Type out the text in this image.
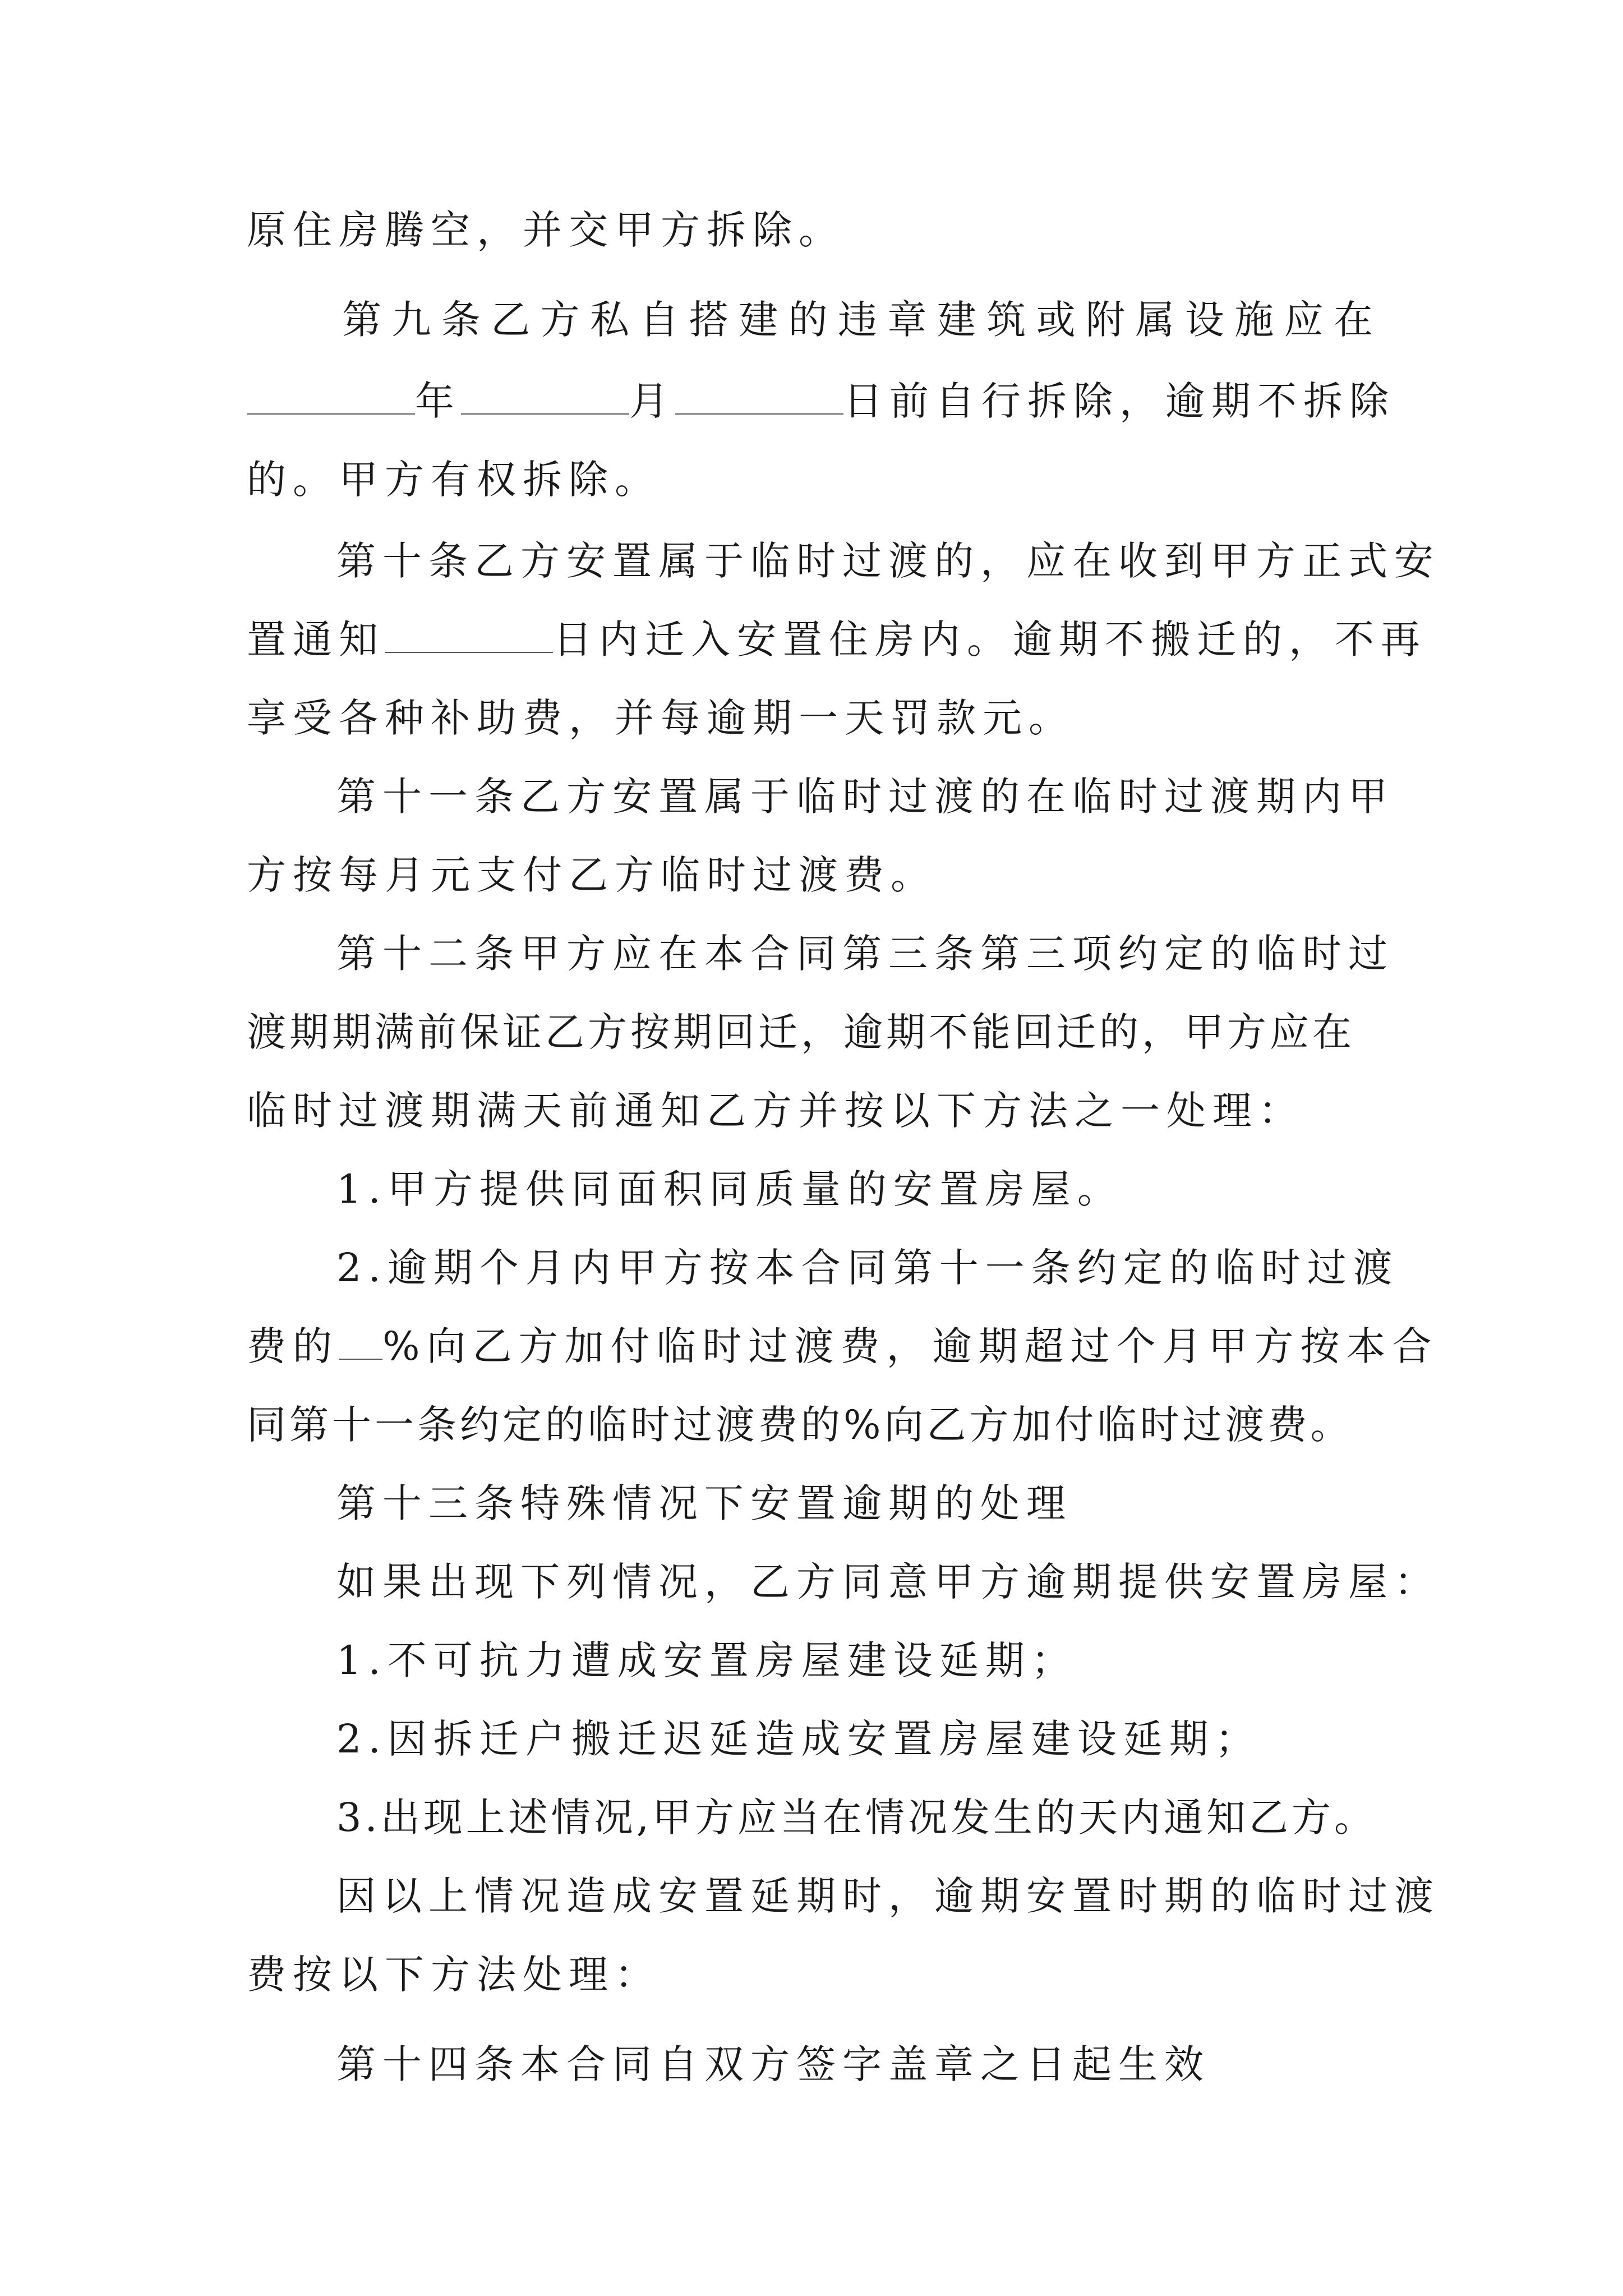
原住房腾空，并交甲方拆除。
第九条乙方私自搭建的违章建筑或附属设施应在
年	月	日前自行拆除，逾期不拆除
的。甲方有权拆除。
第十条乙方安置属于临时过渡的，应在收到甲方正式安
置通知	日内迁入安置住房内。逾期不搬迁的，不再
享受各种补助费，并每逾期一天罚款元。
第十一条乙方安置属于临时过渡的在临时过渡期内甲
方按每月元支付乙方临时过渡费。
第十二条甲方应在本合同第三条第三项约定的临时过
渡期期满前保证乙方按期回迁，逾期不能回迁的，甲方应在
临时过渡期满天前通知乙方并按以下方法之一处理：
1.甲方提供同面积同质量的安置房屋。
2.逾期个月内甲方按本合同第十一条约定的临时过渡
费的 %向乙方加付临时过渡费，逾期超过个月甲方按本合
同第十一条约定的临时过渡费的%向乙方加付临时过渡费。
第十三条特殊情况下安置逾期的处理
如果出现下列情况，乙方同意甲方逾期提供安置房屋：
1.不可抗力遭成安置房屋建设延期；
2.因拆迁户搬迁迟延造成安置房屋建设延期；
3.出现上述情况,甲方应当在情况发生的天内通知乙方。
因以上情况造成安置延期时，逾期安置时期的临时过渡
费按以下方法处理：
第十四条本合同自双方签字盖章之日起生效
